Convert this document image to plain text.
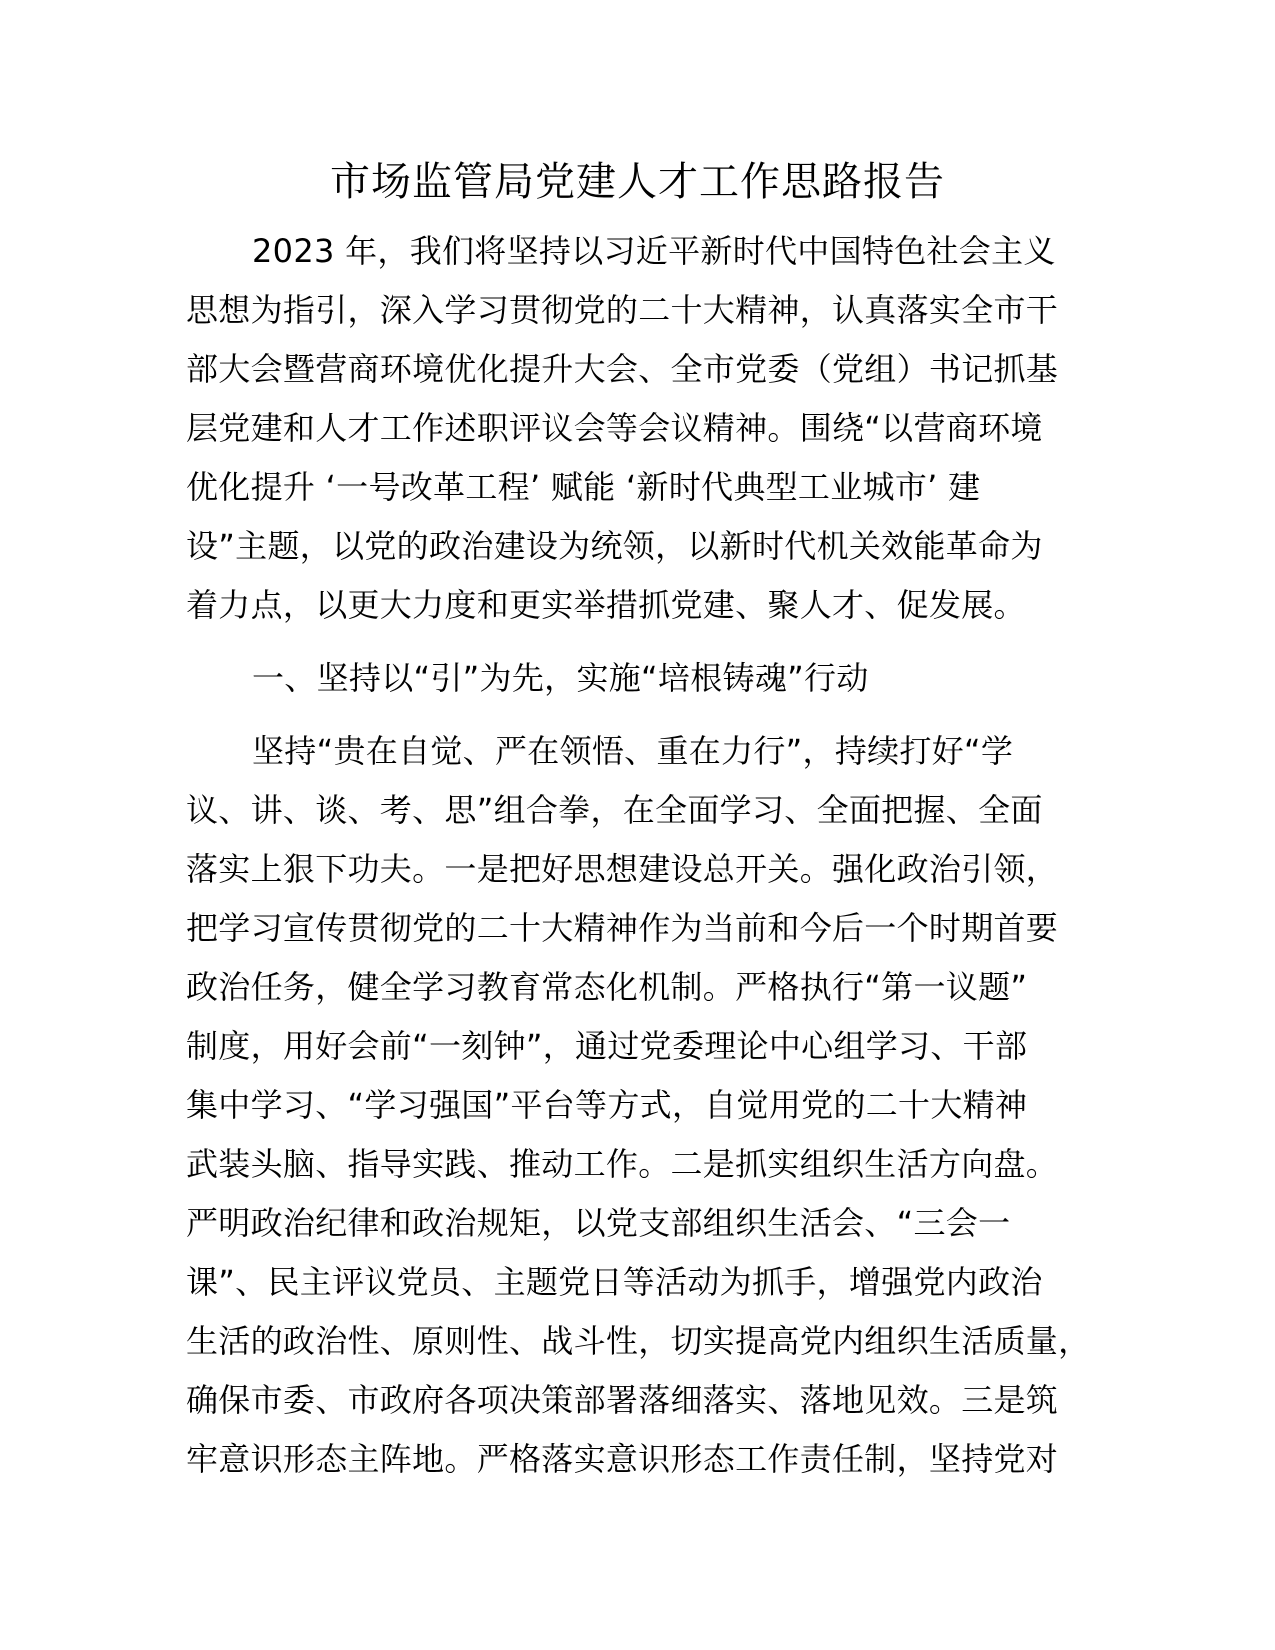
市场监管局党建人才工作思路报告
2023 年，我们将坚持以习近平新时代中国特色社会主义
思想为指引，深入学习贯彻党的二十大精神，认真落实全市干
部大会暨营商环境优化提升大会、全市党委（党组）书记抓基
层党建和人才工作述职评议会等会议精神。围绕“以营商环境
优化提升 ‘一号改革工程’ 赋能 ‘新时代典型工业城市’ 建
设”主题，以党的政治建设为统领，以新时代机关效能革命为
着力点，以更大力度和更实举措抓党建、聚人才、促发展。
一、坚持以“引”为先，实施“培根铸魂”行动
坚持“贵在自觉、严在领悟、重在力行”，持续打好“学
议、讲、谈、考、思”组合拳，在全面学习、全面把握、全面
落实上狠下功夫。一是把好思想建设总开关。强化政治引领，
把学习宣传贯彻党的二十大精神作为当前和今后一个时期首要
政治任务，健全学习教育常态化机制。严格执行“第一议题”
制度，用好会前“一刻钟”，通过党委理论中心组学习、干部
集中学习、“学习强国”平台等方式，自觉用党的二十大精神
武装头脑、指导实践、推动工作。二是抓实组织生活方向盘。
严明政治纪律和政治规矩，以党支部组织生活会、“三会一
课”、民主评议党员、主题党日等活动为抓手，增强党内政治
生活的政治性、原则性、战斗性，切实提高党内组织生活质量，
确保市委、市政府各项决策部署落细落实、落地见效。三是筑
牢意识形态主阵地。严格落实意识形态工作责任制，坚持党对
